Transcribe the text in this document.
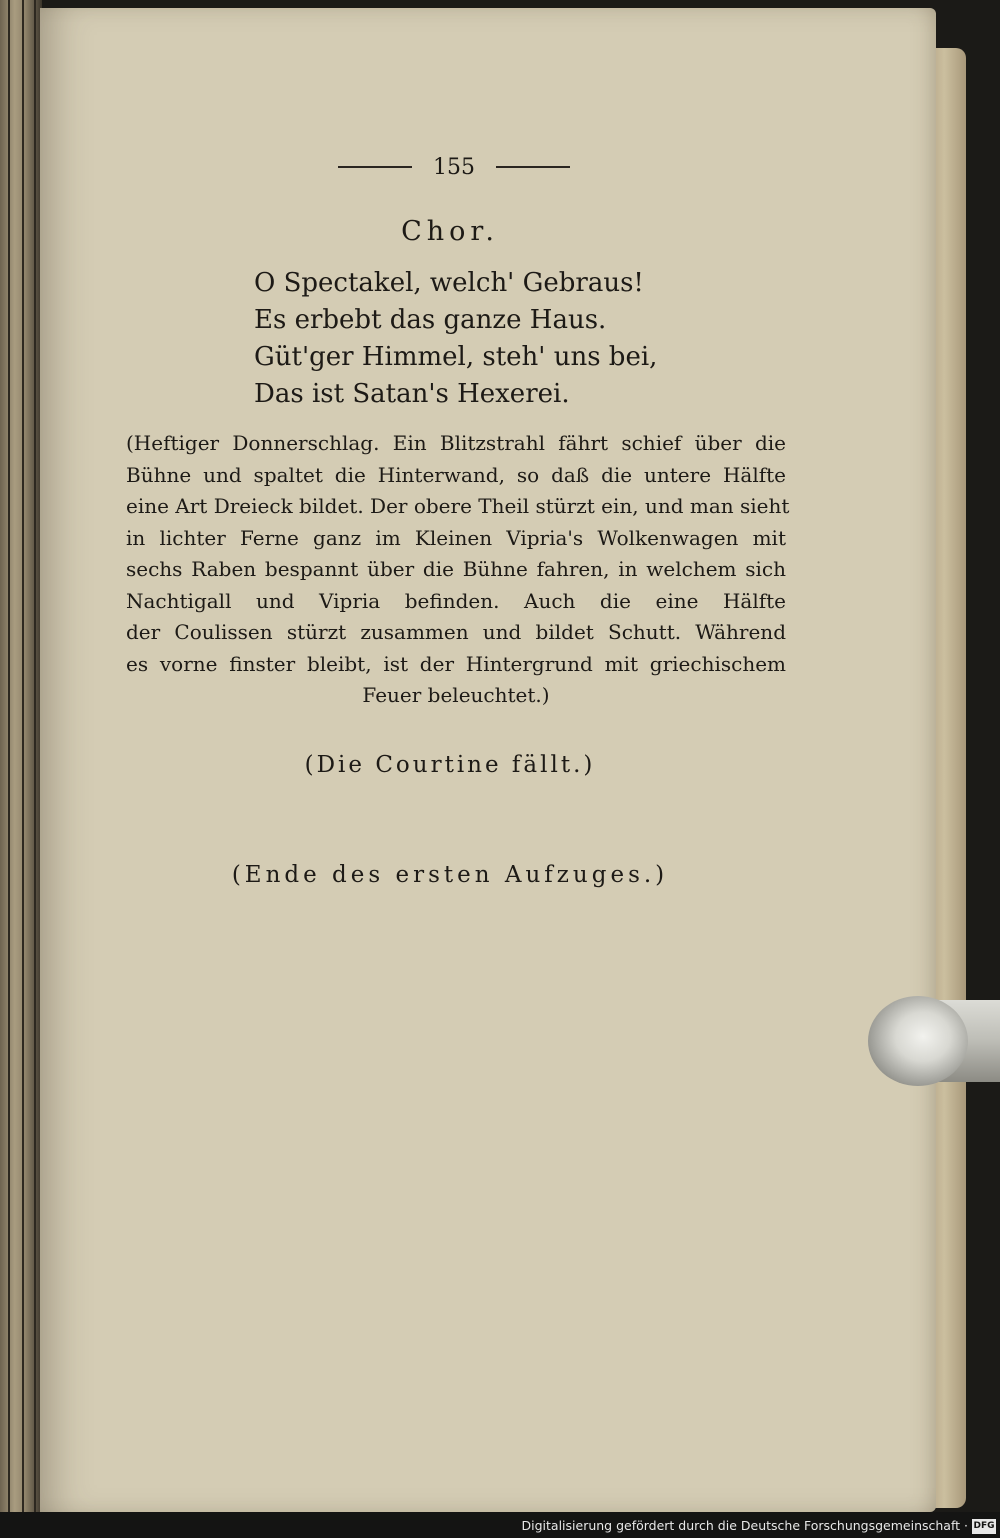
155
Chor.
O Spectakel, welch' Gebraus!
Es erbebt das ganze Haus.
Güt'ger Himmel, steh' uns bei,
Das ist Satan's Hexerei.
(Heftiger Donnerschlag. Ein Blitzstrahl fährt schief über die
Bühne und spaltet die Hinterwand, so daß die untere Hälfte
eine Art Dreieck bildet. Der obere Theil stürzt ein, und man sieht
in lichter Ferne ganz im Kleinen Vipria's Wolkenwagen mit
sechs Raben bespannt über die Bühne fahren, in welchem sich
Nachtigall und Vipria befinden. Auch die eine Hälfte
der Coulissen stürzt zusammen und bildet Schutt. Während
es vorne finster bleibt, ist der Hintergrund mit griechischem
Feuer beleuchtet.)
(Die Courtine fällt.)
(Ende des ersten Aufzuges.)
Digitalisierung gefördert durch die Deutsche Forschungsgemeinschaft · DFG
